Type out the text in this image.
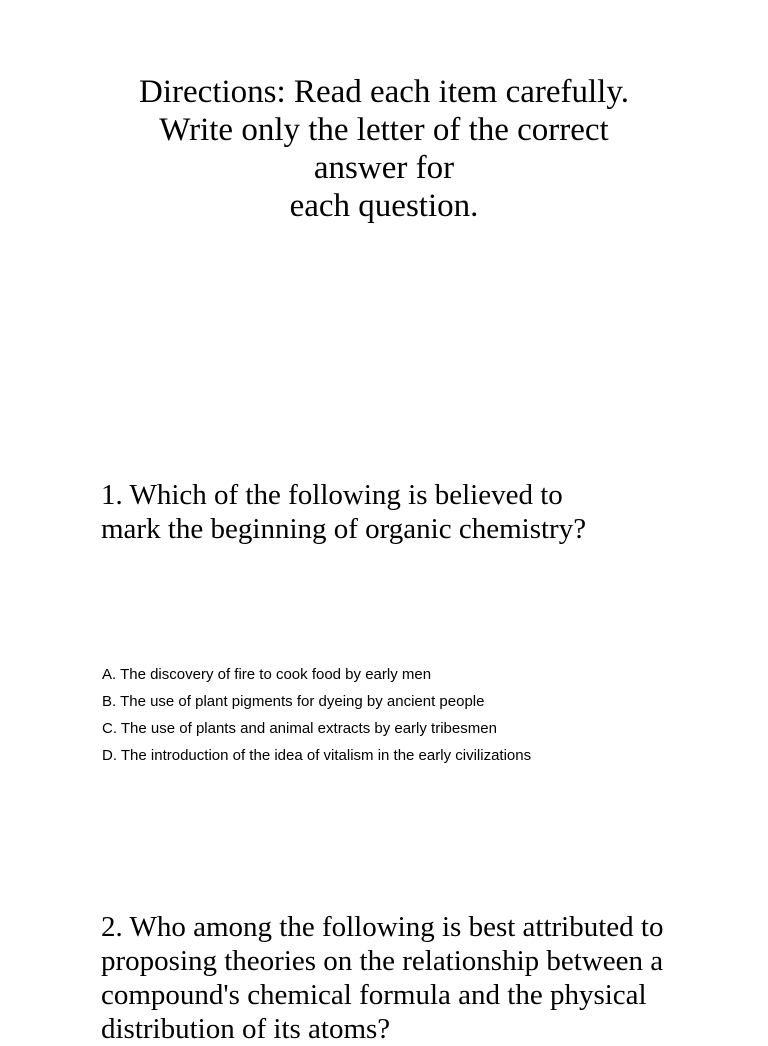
Directions: Read each item carefully.
Write only the letter of the correct
answer for
each question.
1. Which of the following is believed to
mark the beginning of organic chemistry?
A. The discovery of fire to cook food by early men
B. The use of plant pigments for dyeing by ancient people
C. The use of plants and animal extracts by early tribesmen
D. The introduction of the idea of vitalism in the early civilizations
2. Who among the following is best attributed to
proposing theories on the relationship between a
compound's chemical formula and the physical
distribution of its atoms?
